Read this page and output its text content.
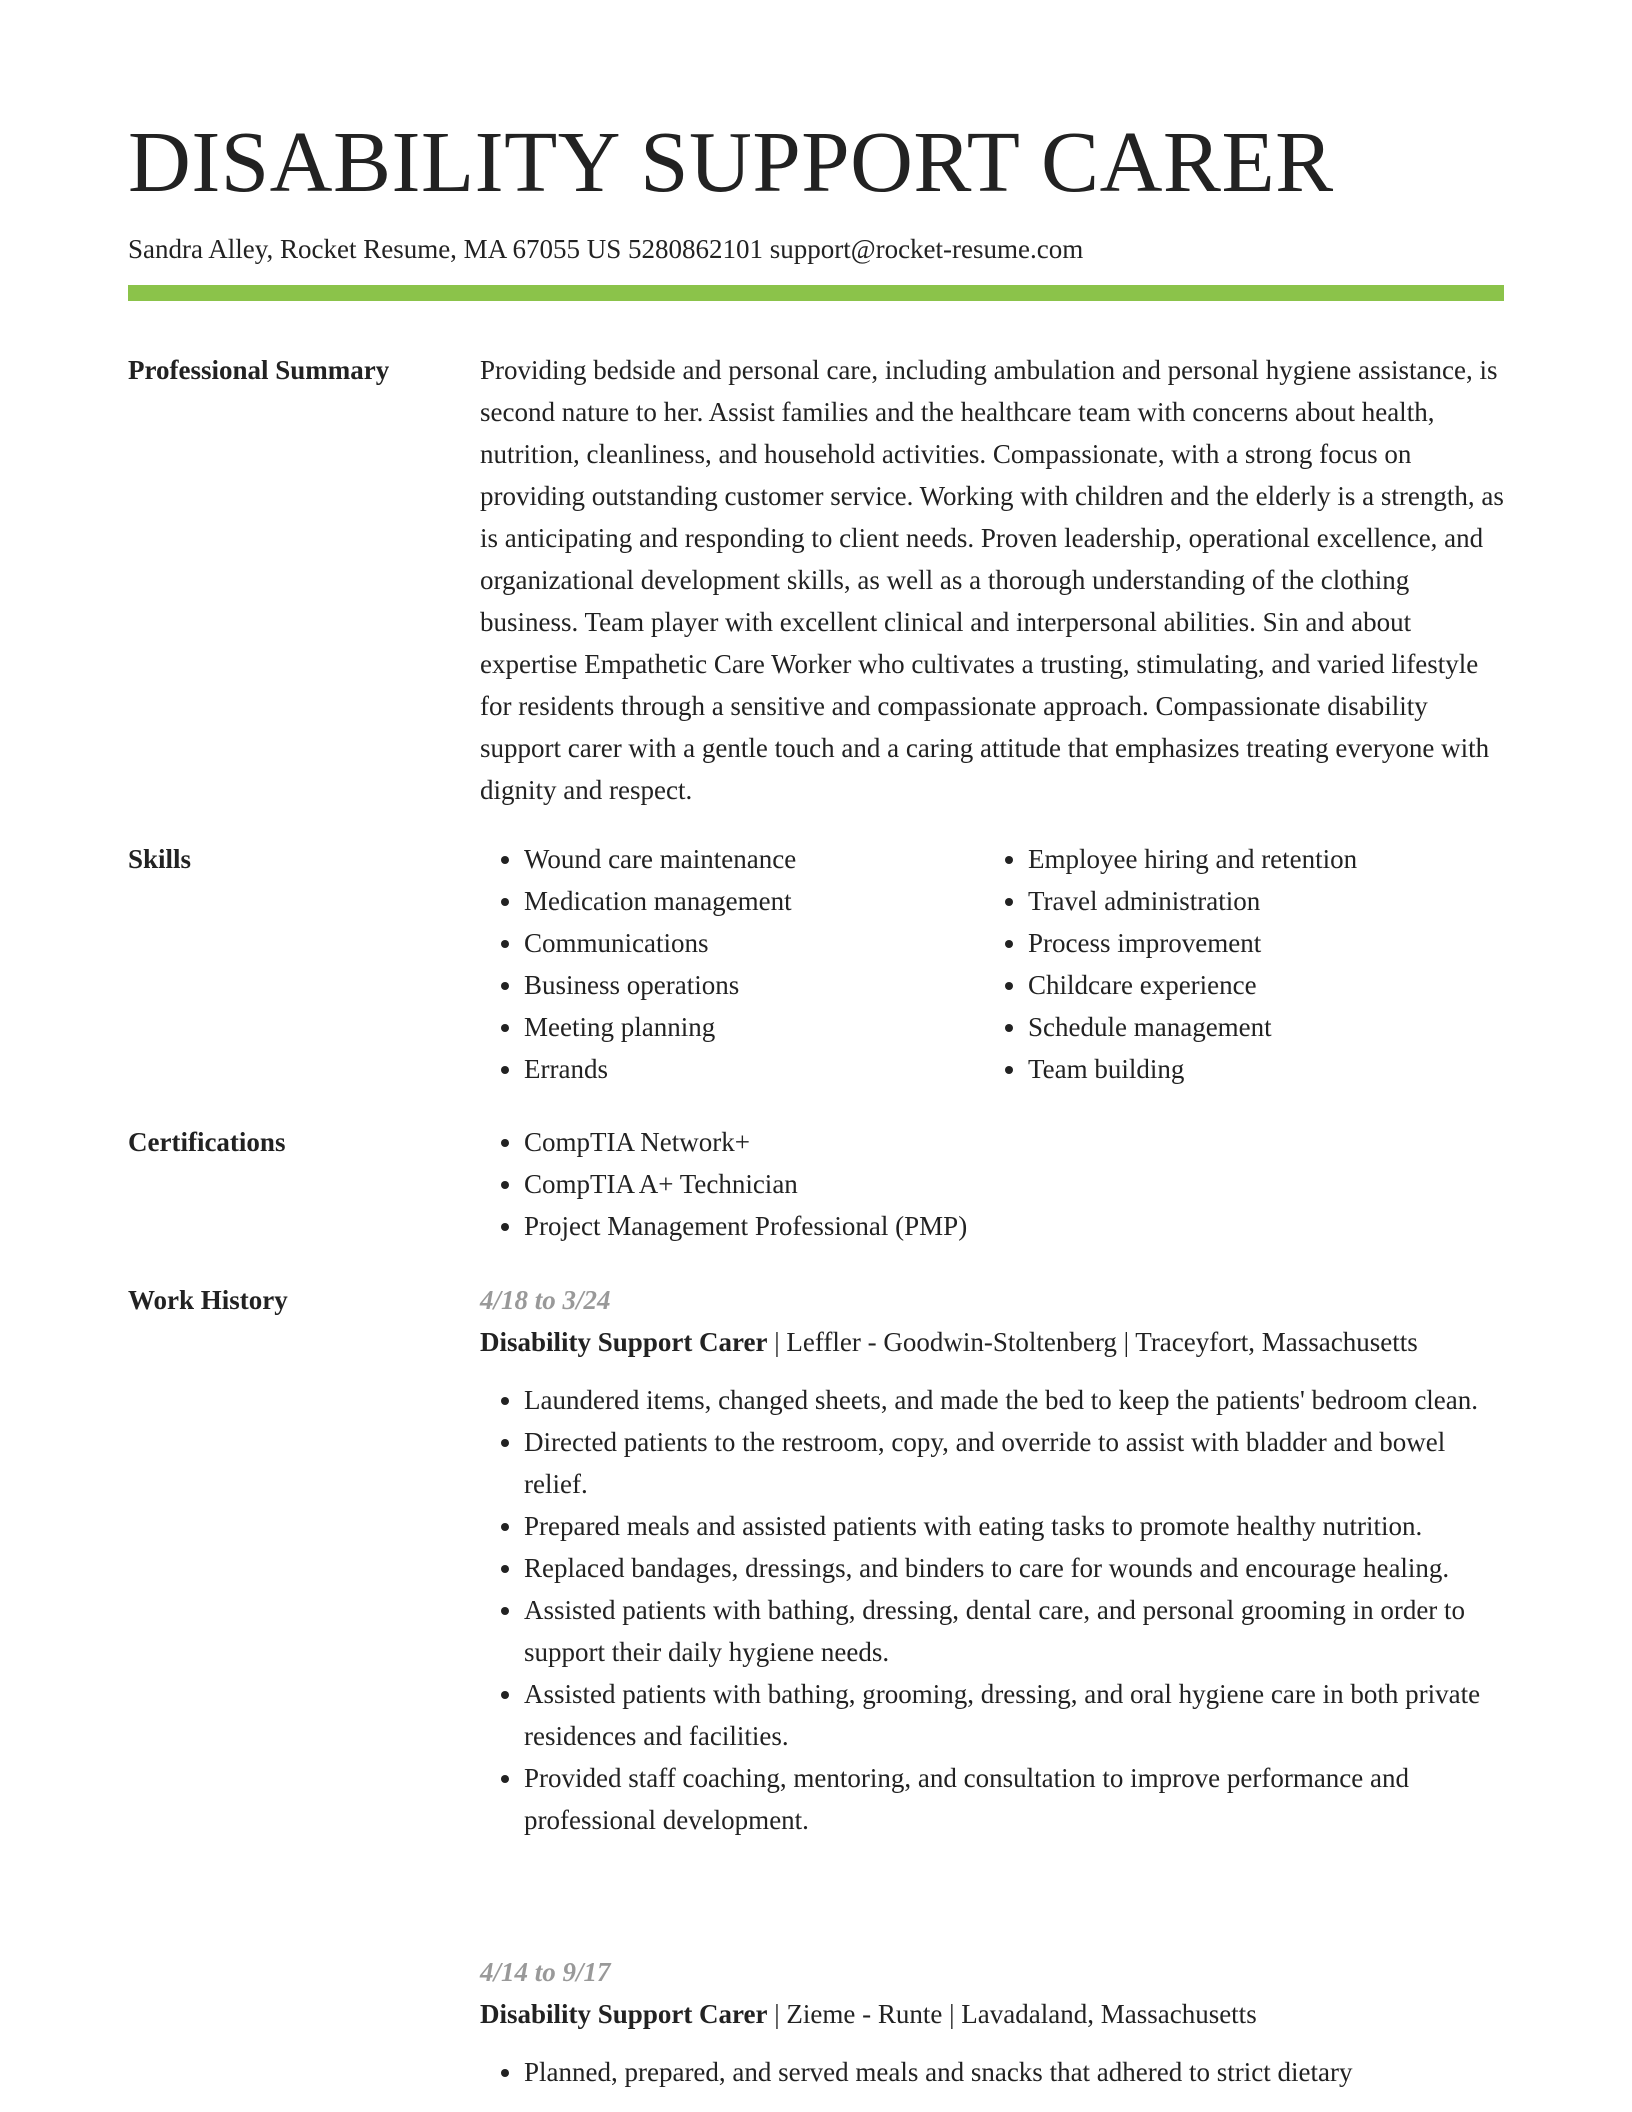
DISABILITY SUPPORT CARER
Sandra Alley, Rocket Resume, MA 67055 US 5280862101 support@rocket-resume.com
Professional Summary	Providing bedside and personal care, including ambulation and personal hygiene assistance, is second nature to her. Assist families and the healthcare team with concerns about health, nutrition, cleanliness, and household activities. Compassionate, with a strong focus on providing outstanding customer service. Working with children and the elderly is a strength, as is anticipating and responding to client needs. Proven leadership, operational excellence, and organizational development skills, as well as a thorough understanding of the clothing business. Team player with excellent clinical and interpersonal abilities. Sin and about expertise Empathetic Care Worker who cultivates a trusting, stimulating, and varied lifestyle for residents through a sensitive and compassionate approach. Compassionate disability support carer with a gentle touch and a caring attitude that emphasizes treating everyone with dignity and respect.

Skills	• Wound care maintenance
• Medication management
• Communications
• Business operations
• Meeting planning
• Errands
• Employee hiring and retention
• Travel administration
• Process improvement
• Childcare experience
• Schedule management
• Team building
Certifications	• CompTIA Network+
• CompTIA A+ Technician
• Project Management Professional (PMP)
Work History	4/18 to 3/24
Disability Support Carer | Leffler - Goodwin-Stoltenberg | Traceyfort, Massachusetts
• Laundered items, changed sheets, and made the bed to keep the patients' bedroom clean.
• Directed patients to the restroom, copy, and override to assist with bladder and bowel relief.
• Prepared meals and assisted patients with eating tasks to promote healthy nutrition.
• Replaced bandages, dressings, and binders to care for wounds and encourage healing.
• Assisted patients with bathing, dressing, dental care, and personal grooming in order to support their daily hygiene needs.
• Assisted patients with bathing, grooming, dressing, and oral hygiene care in both private residences and facilities.
• Provided staff coaching, mentoring, and consultation to improve performance and professional development.
4/14 to 9/17
Disability Support Carer | Zieme - Runte | Lavadaland, Massachusetts
• Planned, prepared, and served meals and snacks that adhered to strict dietary
